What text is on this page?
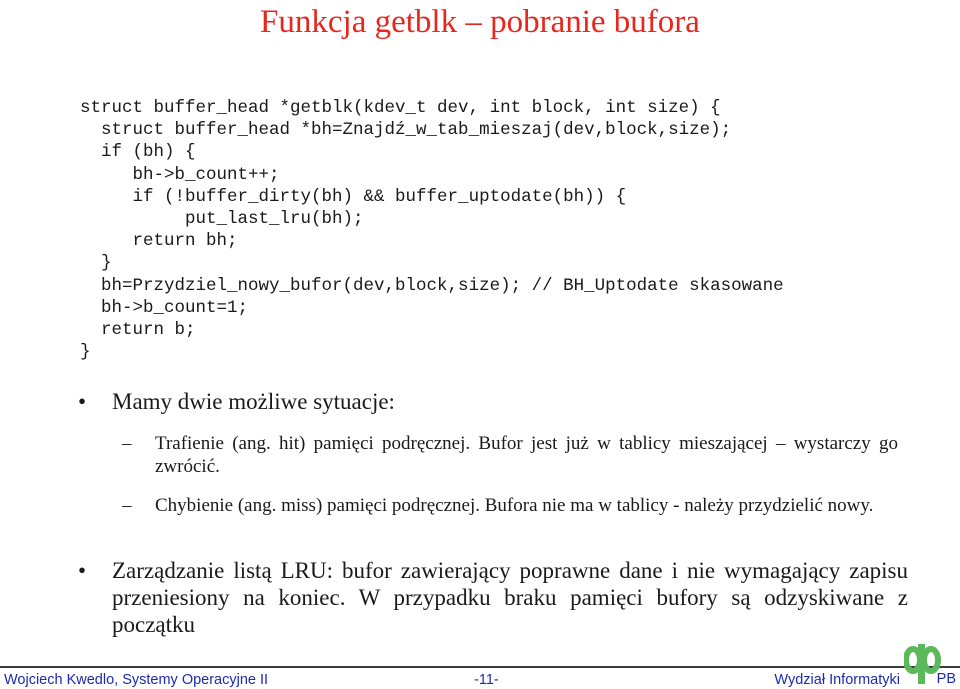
Funkcja getblk – pobranie bufora
struct buffer_head *getblk(kdev_t dev, int block, int size) {
struct buffer_head *bh=Znajdź_w_tab_mieszaj(dev,block,size);
if (bh) {
bh->b_count++;
if (!buffer_dirty(bh) && buffer_uptodate(bh)) {
put_last_lru(bh);
return bh;
}
bh=Przydziel_nowy_bufor(dev,block,size); // BH_Uptodate skasowane
bh->b_count=1;
return b;
}
•	Mamy dwie możliwe sytuacje:
– Trafienie (ang. hit) pamięci podręcznej. Bufor jest już w tablicy mieszającej – wystarczy go zwrócić.
– Chybienie (ang. miss) pamięci podręcznej. Bufora nie ma w tablicy - należy przydzielić nowy.
•	Zarządzanie listą LRU: bufor zawierający poprawne dane i nie wymagający zapisu przeniesiony na koniec. W przypadku braku pamięci bufory są odzyskiwane z początku
Wojciech Kwedlo, Systemy Operacyjne II	-11-	Wydział Informatyki	PB
